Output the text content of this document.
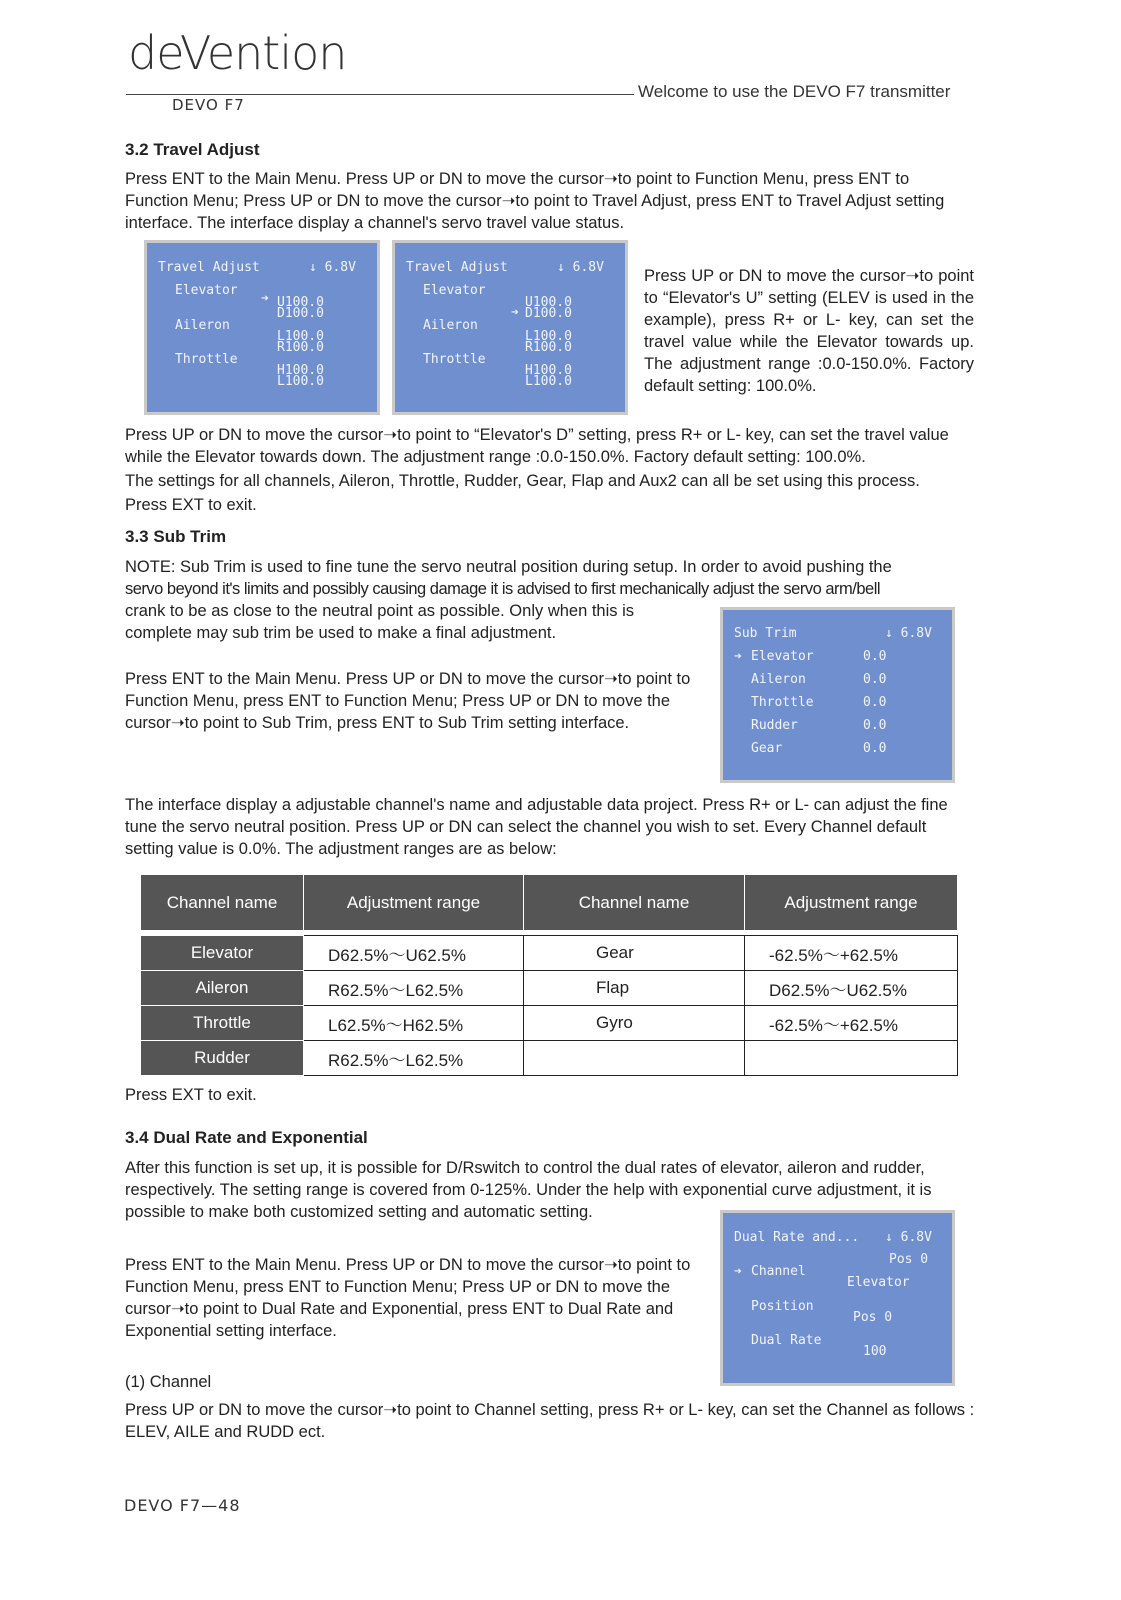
deVention
DEVO F7
Welcome to use the DEVO F7 transmitter
3.2 Travel Adjust
Press ENT to the Main Menu. Press UP or DN to move the cursor➝to point to Function Menu, press ENT to Function Menu; Press UP or DN to move the cursor➝to point to Travel Adjust, press ENT to Travel Adjust setting interface. The interface display a channel's servo travel value status.
Travel Adjust	↓ 6.8V
Elevator
➔ U100.0
D100.0
Aileron
L100.0
R100.0
Throttle
H100.0
L100.0
Travel Adjust	↓ 6.8V
Elevator
➔
U100.0
D100.0
Aileron
L100.0
R100.0
Throttle
H100.0
L100.0
Press UP or DN to move the cursor➝to point to “Elevator's U” setting (ELEV is used in the example), press R+ or L- key, can set the travel value while the Elevator towards up. The adjustment range :0.0-150.0%. Factory default setting: 100.0%.
Press UP or DN to move the cursor➝to point to “Elevator's D” setting, press R+ or L- key, can set the travel value while the Elevator towards down. The adjustment range :0.0-150.0%. Factory default setting: 100.0%.
The settings for all channels, Aileron, Throttle, Rudder, Gear, Flap and Aux2 can all be set using this process.
Press EXT to exit.
3.3 Sub Trim
NOTE: Sub Trim is used to fine tune the servo neutral position during setup. In order to avoid pushing the
servo beyond it's limits and possibly causing damage it is advised to first mechanically adjust the servo arm/bell
crank to be as close to the neutral point as possible. Only when this is complete may sub trim be used to make a final adjustment.
Press ENT to the Main Menu. Press UP or DN to move the cursor➝to point to Function Menu, press ENT to Function Menu; Press UP or DN to move the cursor➝to point to Sub Trim, press ENT to Sub Trim setting interface.
Sub Trim	↓ 6.8V
➔ Elevator	0.0
Aileron	0.0
Throttle	0.0
Rudder	0.0
Gear	0.0
The interface display a adjustable channel's name and adjustable data project. Press R+ or L- can adjust the fine tune the servo neutral position. Press UP or DN can select the channel you wish to set. Every Channel default setting value is 0.0%. The adjustment ranges are as below:
Channel name	Adjustment range	Channel name	Adjustment range

Elevator	D62.5%～U62.5%	Gear	-62.5%～+62.5%
Aileron	R62.5%～L62.5%	Flap	D62.5%～U62.5%
Throttle	L62.5%～H62.5%	Gyro	-62.5%～+62.5%
Rudder	R62.5%～L62.5%		
Press EXT to exit.
3.4 Dual Rate and Exponential
After this function is set up, it is possible for D/Rswitch to control the dual rates of elevator, aileron and rudder, respectively. The setting range is covered from 0-125%. Under the help with exponential curve adjustment, it is possible to make both customized setting and automatic setting.
Press ENT to the Main Menu. Press UP or DN to move the cursor➝to point to Function Menu, press ENT to Function Menu; Press UP or DN to move the cursor➝to point to Dual Rate and Exponential, press ENT to Dual Rate and Exponential setting interface.
Dual Rate and... ↓ 6.8V
Pos 0
➔ Channel
Elevator
Position
Pos 0
Dual Rate
100
(1) Channel
Press UP or DN to move the cursor➝to point to Channel setting, press R+ or L- key, can set the Channel as follows : ELEV, AILE and RUDD ect.
DEVO F7—48
